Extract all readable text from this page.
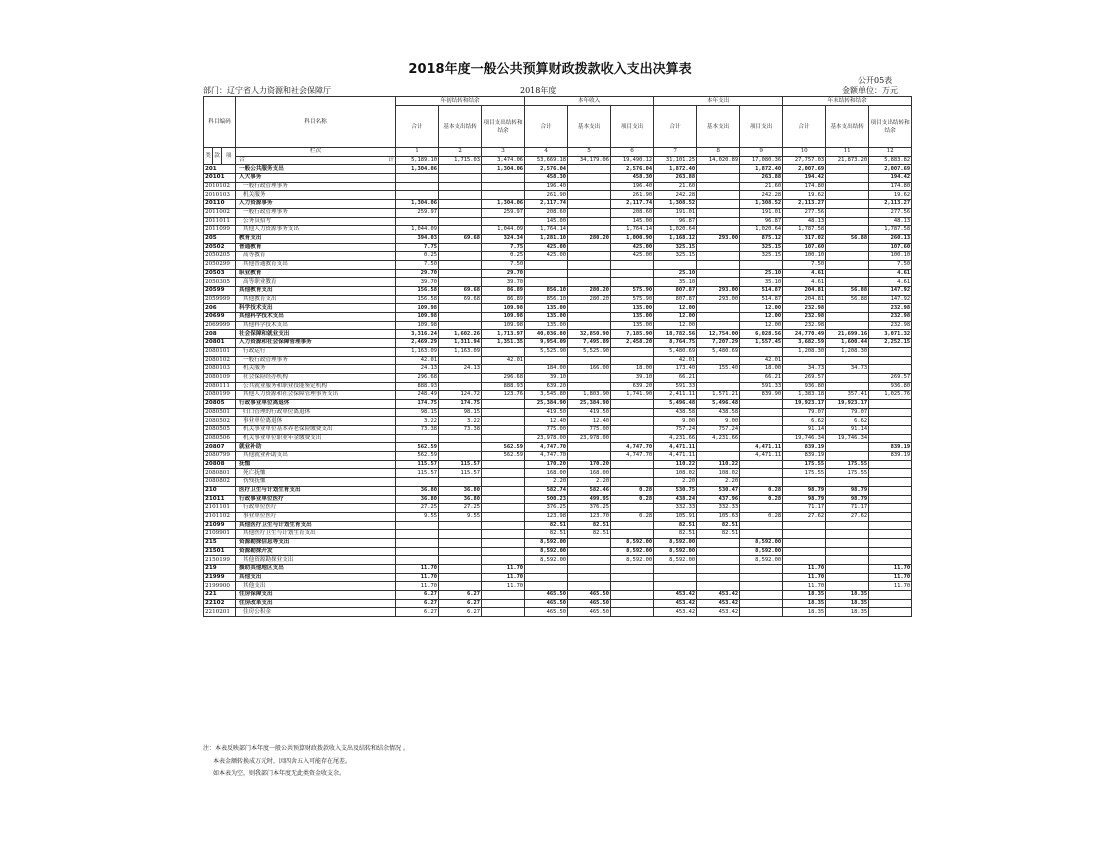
2018年度一般公共预算财政拨款收入支出决算表
公开05表
部门：辽宁省人力资源和社会保障厅	2018年度	金额单位：万元
科目编码			科目名称	年初结转和结余			本年收入			本年支出			年末结转和结余		
				合计	基本支出结转	项目支出结转和结余	合计	基本支出	项目支出	合计	基本支出	项目支出	合计	基本支出结转	项目支出结转和结余
类	款	项	栏次	1	2	3	4	5	6	7	8	9	10	11	12
			合 计	5,189.10	1,715.03	3,474.06	53,669.18	34,179.06	19,490.12	31,101.25	14,020.89	17,080.36	27,757.03	21,873.20	5,883.82
201			一般公共服务支出	1,304.06		1,304.06	2,576.04		2,576.04	1,872.40		1,872.40	2,007.69		2,007.69
20101			人大事务				458.30		458.30	263.88		263.88	194.42		194.42
2010102			一般行政管理事务				196.40		196.40	21.60		21.60	174.80		174.80
2010103			机关服务				261.90		261.90	242.28		242.28	19.62		19.62
20110			人力资源事务	1,304.06		1,304.06	2,117.74		2,117.74	1,308.52		1,308.52	2,113.27		2,113.27
2011002			一般行政管理事务	259.97		259.97	208.60		208.60	191.01		191.01	277.56		277.56
2011011			公务员招考				145.00		145.00	96.87		96.87	48.13		48.13
2011099			其他人力资源事务支出	1,044.09		1,044.09	1,764.14		1,764.14	1,020.64		1,020.64	1,787.58		1,787.58
205			教育支出	394.03	69.68	324.34	1,281.10	280.20	1,000.90	1,168.12	293.00	875.12	317.02	56.88	260.13
20502			普通教育	7.75		7.75	425.00		425.00	325.15		325.15	107.60		107.60
2050205			高等教育	0.25		0.25	425.00		425.00	325.15		325.15	100.10		100.10
2050299			其他普通教育支出	7.50		7.50							7.50		7.50
20503			职业教育	29.70		29.70				25.10		25.10	4.61		4.61
2050305			高等职业教育	39.70		39.70				35.10		35.10	4.61		4.61
20599			其他教育支出	156.58	69.68	86.89	856.10	280.20	575.90	807.87	293.00	514.87	204.81	56.88	147.92
2059999			其他教育支出	156.58	69.68	86.89	856.10	280.20	575.90	807.87	293.00	514.87	204.81	56.88	147.92
206			科学技术支出	109.98		109.98	135.00		135.00	12.00		12.00	232.98		232.98
20699			其他科学技术支出	109.98		109.98	135.00		135.00	12.00		12.00	232.98		232.98
2069999			其他科学技术支出	109.98		109.98	135.00		135.00	12.00		12.00	232.98		232.98
208			社会保障和就业支出	3,316.24	1,602.26	1,713.97	40,036.80	32,850.90	7,185.90	18,782.56	12,754.00	6,028.56	24,770.49	21,699.16	3,071.32
20801			人力资源和社会保障管理事务	2,469.29	1,311.94	1,351.35	9,954.09	7,495.89	2,458.20	8,764.75	7,207.29	1,557.45	3,682.59	1,600.44	2,252.15
2080101			行政运行	1,163.09	1,163.09		5,525.90	5,525.90		5,480.69	5,480.69		1,208.30	1,208.30	
2080102			一般行政管理事务	42.01		42.01				42.01		42.01			
2080103			机关服务	24.13	24.13		184.00	166.00	18.00	173.40	155.40	18.00	34.73	34.73	
2080109			社会保险经办机构	296.68		296.68	39.10		39.10	66.21		66.21	269.57		269.57
2080111			公共就业服务和职业技能鉴定机构	888.93		888.93	639.20		639.20	591.33		591.33	936.80		936.80
2080199			其他人力资源和社会保障管理事务支出	248.49	124.72	123.76	3,545.80	1,803.90	1,741.90	2,411.11	1,571.21	839.90	1,383.18	357.41	1,025.76
20805			行政事业单位离退休	174.75	174.75		25,384.90	25,384.90		5,496.48	5,496.48		19,923.17	19,923.17	
2080501			归口管理的行政单位离退休	98.15	98.15		419.50	419.50		438.58	438.58		79.07	79.07	
2080502			事业单位离退休	3.22	3.22		12.40	12.40		9.00	9.00		6.62	6.62	
2080505			机关事业单位基本养老保险缴费支出	73.38	73.38		775.00	775.00		757.24	757.24		91.14	91.14	
2080506			机关事业单位职业年金缴费支出				23,978.00	23,978.00		4,231.66	4,231.66		19,746.34	19,746.34	
20807			就业补助	562.59		562.59	4,747.70		4,747.70	4,471.11		4,471.11	839.19		839.19
2080799			其他就业补助支出	562.59		562.59	4,747.70		4,747.70	4,471.11		4,471.11	839.19		839.19
20808			抚恤	115.57	115.57		170.20	170.20		110.22	110.22		175.55	175.55	
2080801			死亡抚恤	115.57	115.57		168.00	168.00		108.02	108.02		175.55	175.55	
2080802			伤残抚恤				2.20	2.20		2.20	2.20				
210			医疗卫生与计划生育支出	36.80	36.80		582.74	582.46	0.28	530.75	530.47	0.28	98.79	98.79	
21011			行政事业单位医疗	36.80	36.80		500.23	499.95	0.28	438.24	437.96	0.28	98.79	98.79	
2101101			行政单位医疗	27.25	27.25		376.25	376.25		332.33	332.33		71.17	71.17	
2101102			事业单位医疗	9.55	9.55		123.98	123.70	0.28	105.91	105.63	0.28	27.62	27.62	
21099			其他医疗卫生与计划生育支出				82.51	82.51		82.51	82.51				
2109901			其他医疗卫生与计划生育支出				82.51	82.51		82.51	82.51				
215			资源勘探信息等支出				8,592.00		8,592.00	8,592.00		8,592.00			
21501			资源勘探开发				8,592.00		8,592.00	8,592.00		8,592.00			
2150199			其他资源勘探业支出				8,592.00		8,592.00	8,592.00		8,592.00			
219			援助其他地区支出	11.70		11.70							11.70		11.70
21999			其他支出	11.70		11.70							11.70		11.70
2199900			其他支出	11.70		11.70							11.70		11.70
221			住房保障支出	6.27	6.27		465.50	465.50		453.42	453.42		18.35	18.35	
22102			住房改革支出	6.27	6.27		465.50	465.50		453.42	453.42		18.35	18.35	
2210201			住房公积金	6.27	6.27		465.50	465.50		453.42	453.42		18.35	18.35	
注：本表反映部门本年度一般公共预算财政拨款收入支出及结转和结余情况 。
本表金额转换成万元时，因四舍五入可能存在尾差。
如本表为空，则我部门本年度无此类资金收支余。
